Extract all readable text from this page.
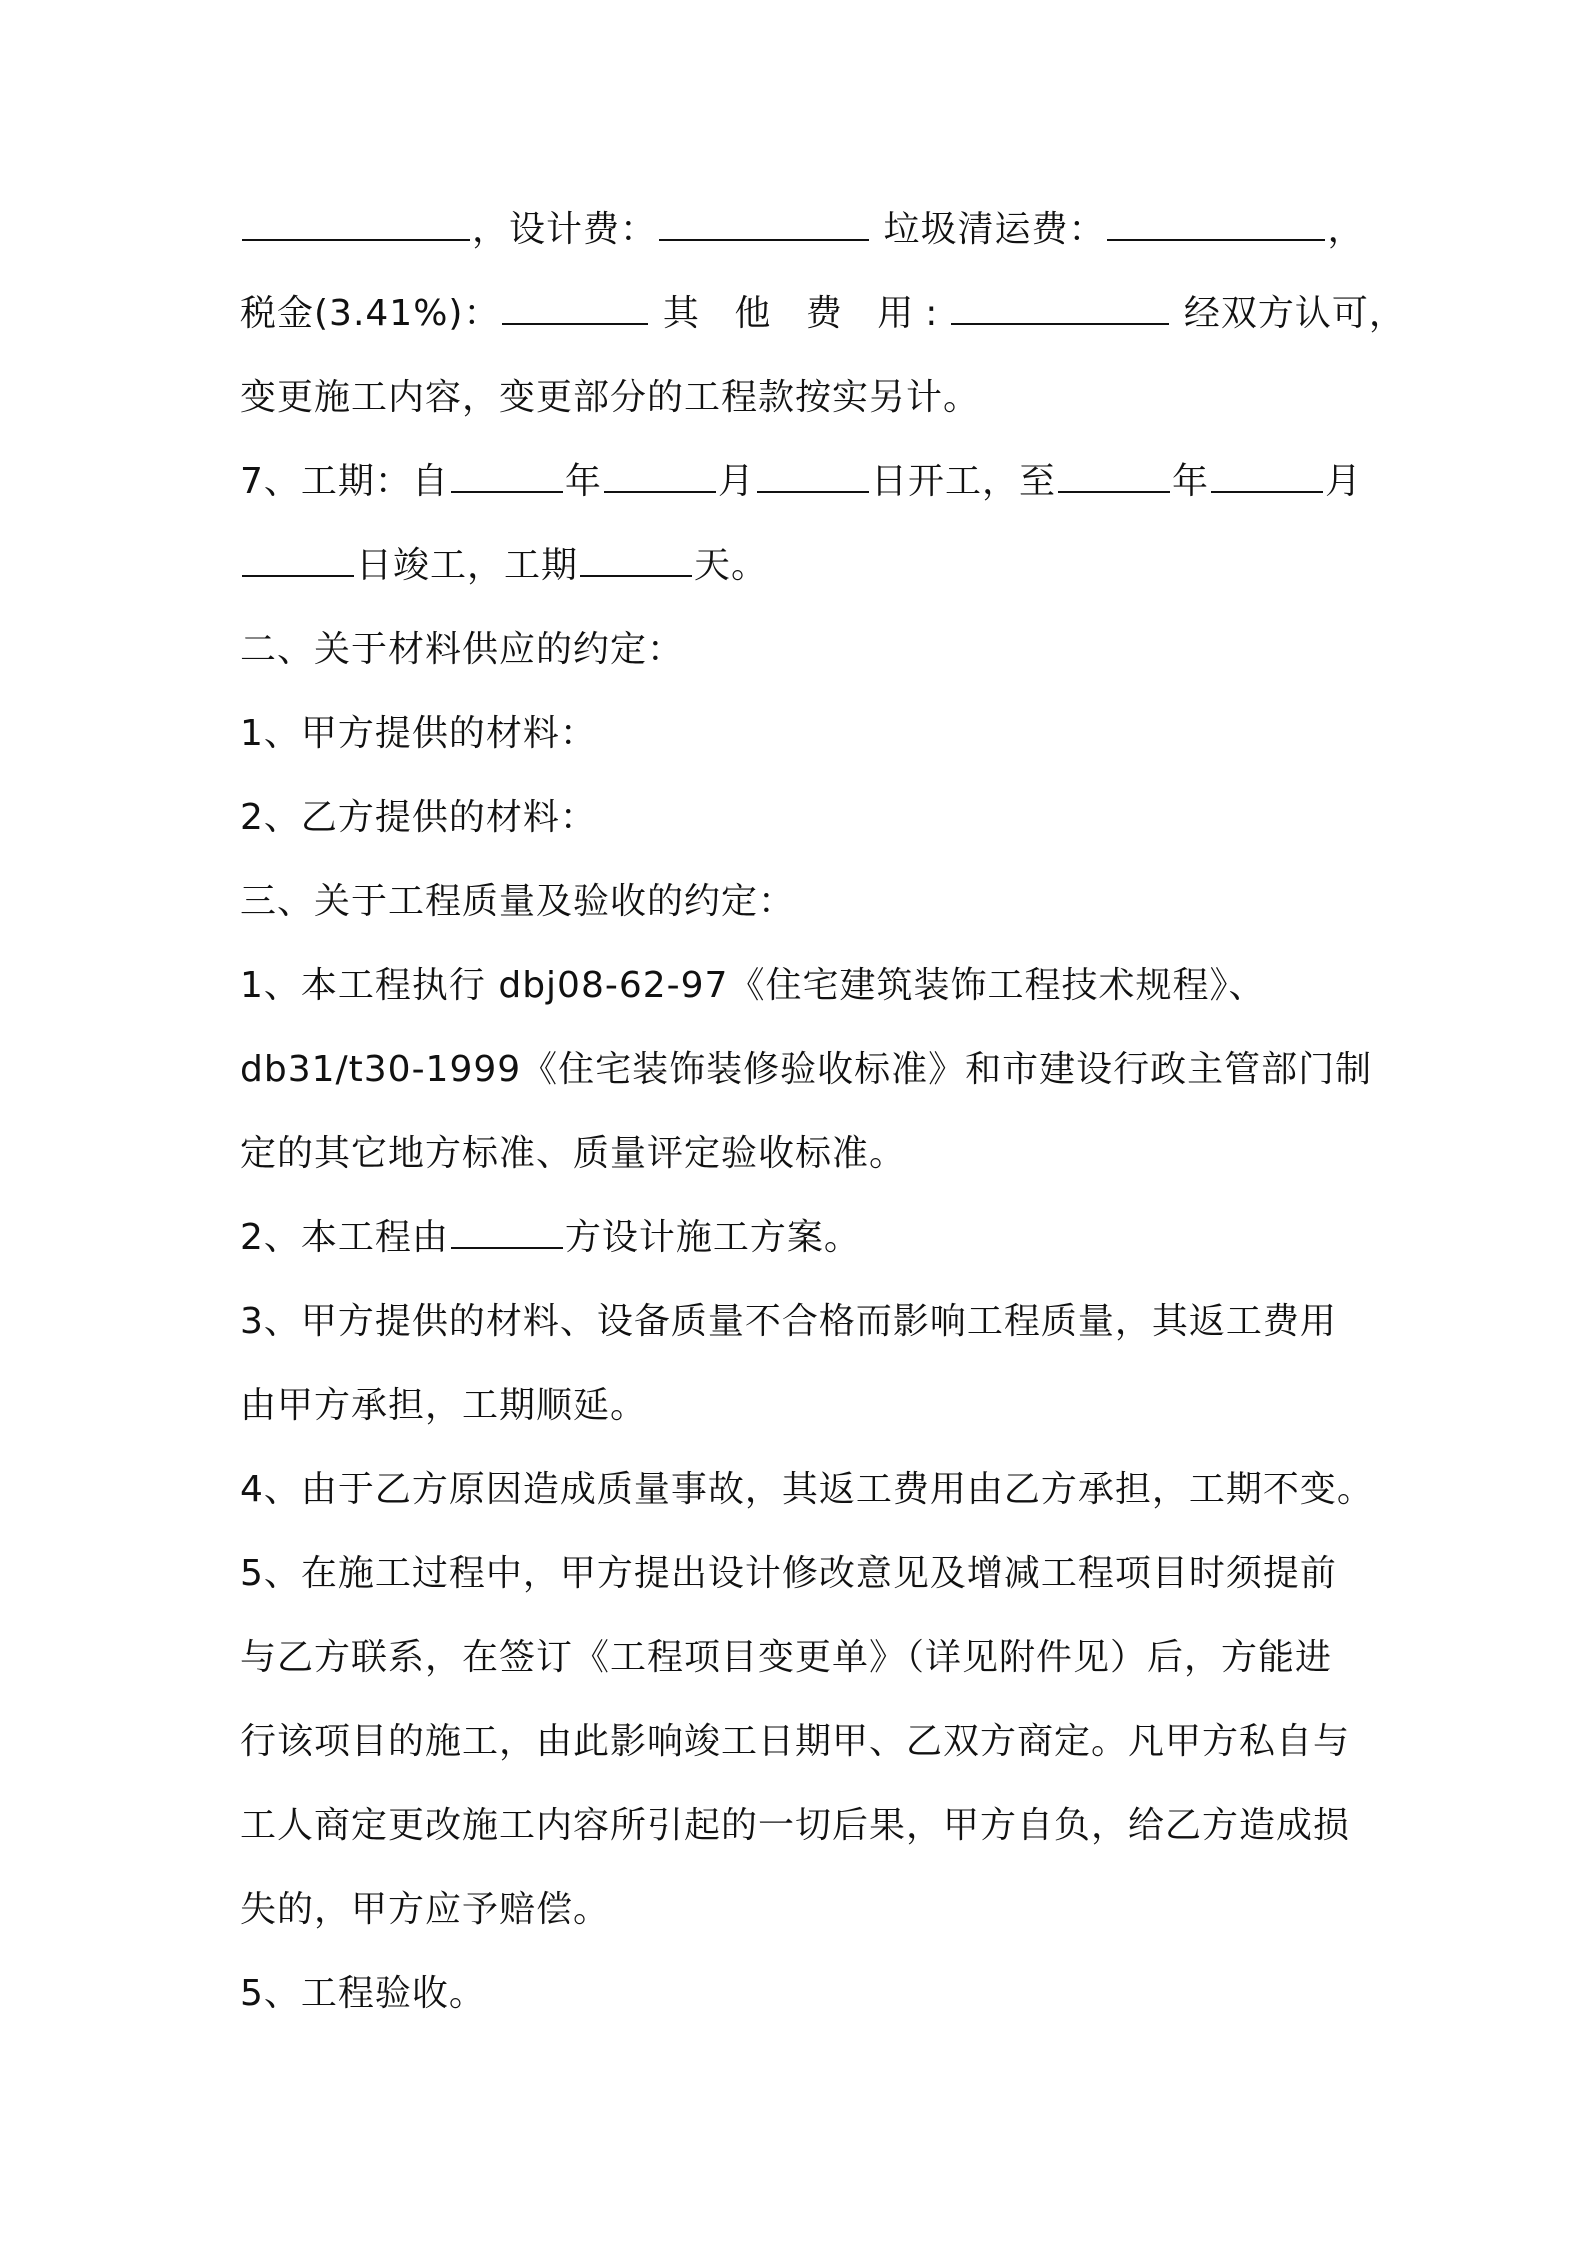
，设计费：	垃圾清运费：	，
税金(3.41%)：	其 他 费 用:	经双方认可，
变更施工内容，变更部分的工程款按实另计。
7、工期：自	年	月	日开工，至	年	月
日竣工，工期	天。
二、关于材料供应的约定：
1、甲方提供的材料：
2、乙方提供的材料：
三、关于工程质量及验收的约定：
1、本工程执行 dbj08-62-97《住宅建筑装饰工程技术规程》、
db31/t30-1999《住宅装饰装修验收标准》和市建设行政主管部门制
定的其它地方标准、质量评定验收标准。
2、本工程由	方设计施工方案。
3、甲方提供的材料、设备质量不合格而影响工程质量，其返工费用
由甲方承担，工期顺延。
4、由于乙方原因造成质量事故，其返工费用由乙方承担，工期不变。
5、在施工过程中，甲方提出设计修改意见及增减工程项目时须提前
与乙方联系，在签订《工程项目变更单》（详见附件见）后，方能进
行该项目的施工，由此影响竣工日期甲、乙双方商定。凡甲方私自与
工人商定更改施工内容所引起的一切后果，甲方自负，给乙方造成损
失的，甲方应予赔偿。
5、工程验收。
